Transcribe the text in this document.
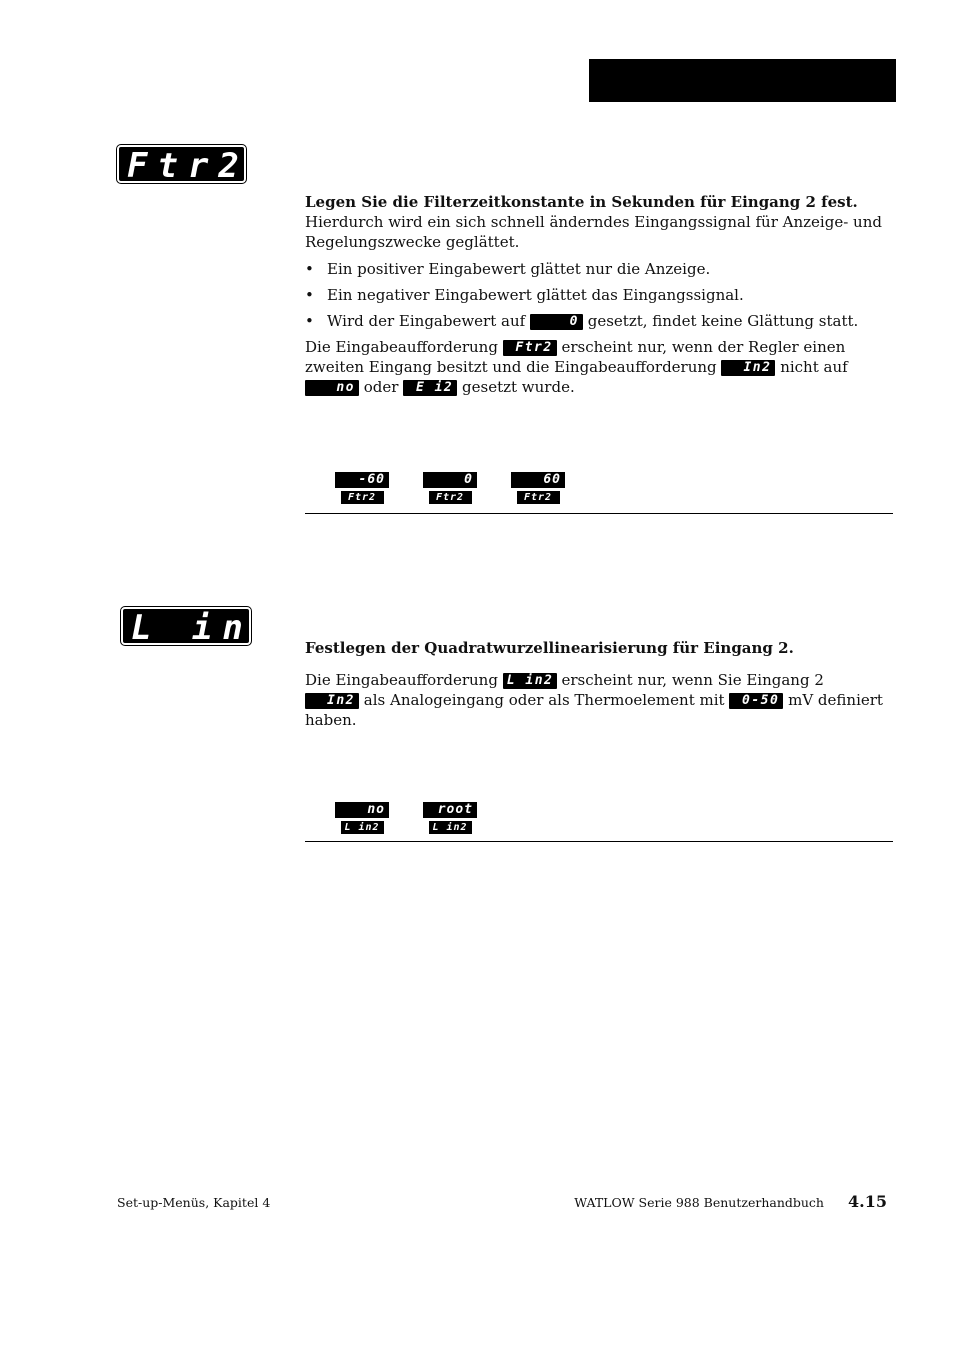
Ftr2

Legen Sie die Filterzeitkonstante in Sekunden für Eingang 2 fest.
Hierdurch wird ein sich schnell änderndes Eingangssignal für Anzeige- und Regelungszwecke geglättet.

• Ein positiver Eingabewert glättet nur die Anzeige.
• Ein negativer Eingabewert glättet das Eingangssignal.
• Wird der Eingabewert auf	0 gesetzt, findet keine Glättung statt.

Die Eingabeaufforderung Ftr2 erscheint nur, wenn der Regler einen zweiten Eingang besitzt und die Eingabeaufforderung In2 nicht auf
no oder E i2 gesetzt wurde.

-60
Ftr2
0
Ftr2
60
Ftr2
L in2 Festlegen der Quadratwurzellinearisierung für Eingang 2.

Die Eingabeaufforderung L in2 erscheint nur, wenn Sie Eingang 2
In2 als Analogeingang oder als Thermoelement mit 0-50 mV definiert haben.

no
L in2
root
L in2
Set-up-Menüs, Kapitel 4	WATLOW Serie 988 Benutzerhandbuch 4.15
